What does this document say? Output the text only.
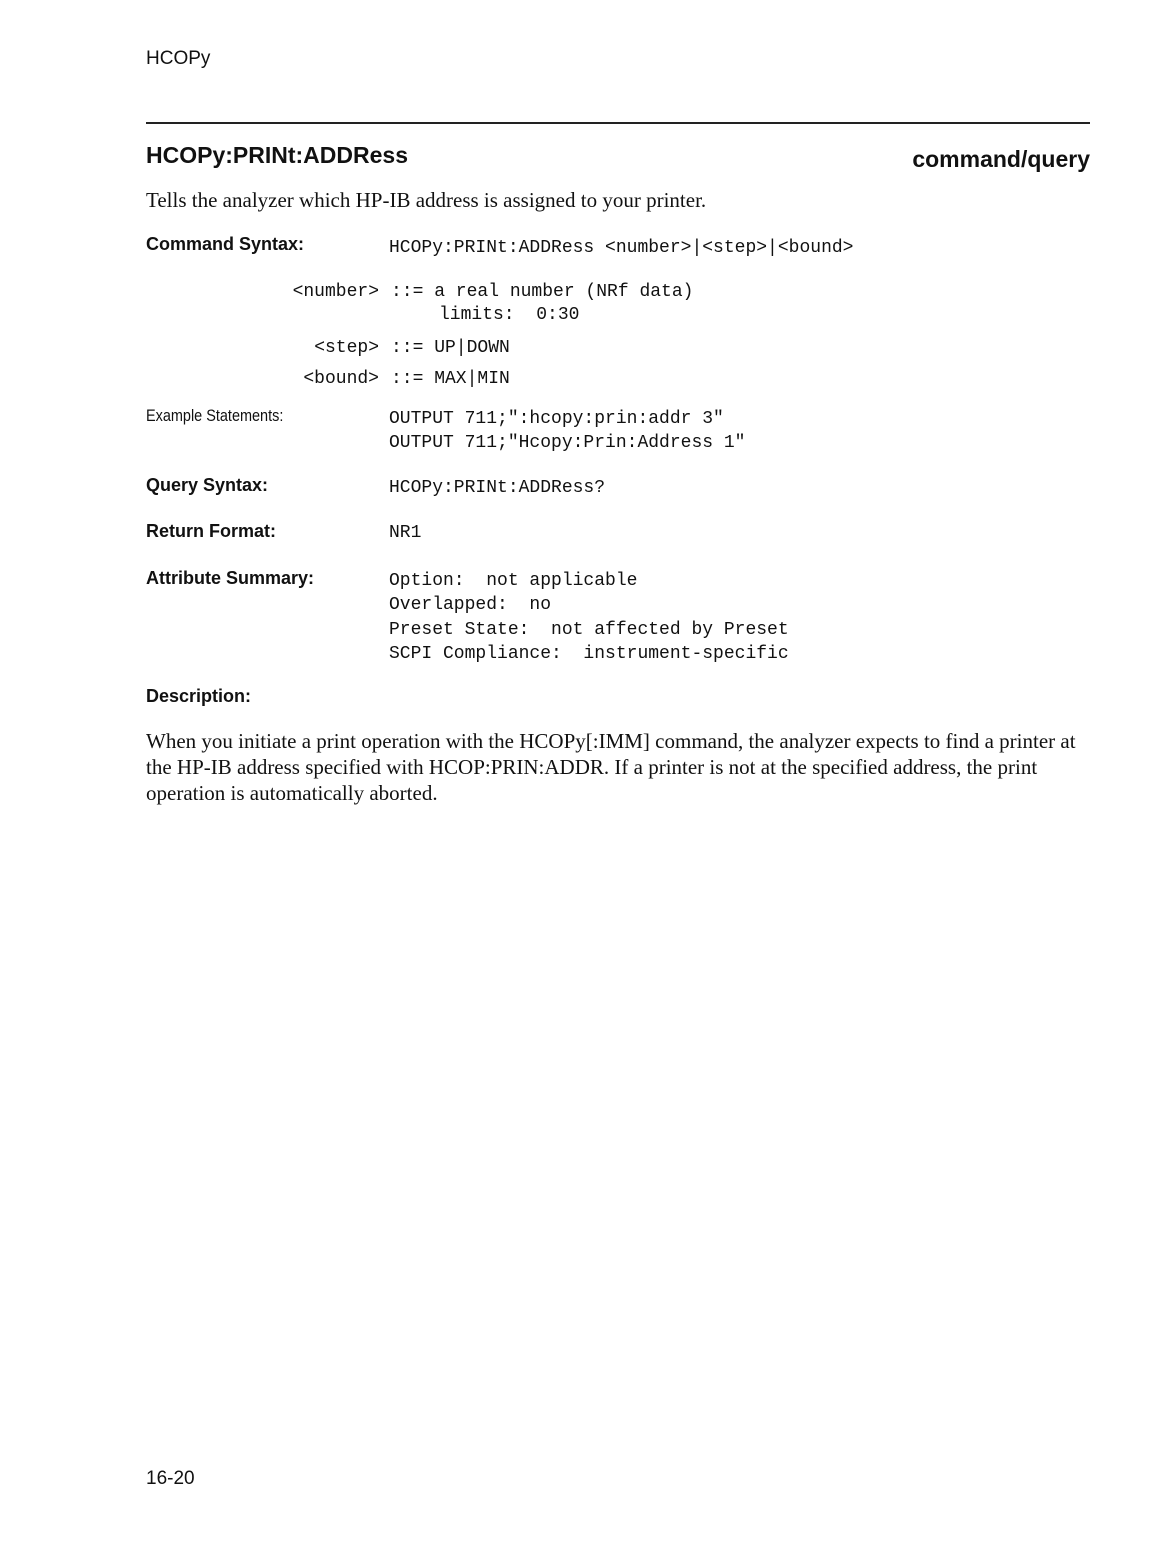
HCOPy
HCOPy:PRINt:ADDRess	command/query
Tells the analyzer which HP-IB address is assigned to your printer.
Command Syntax:	HCOPy:PRINt:ADDRess <number>|<step>|<bound>
<number> ::= a real number (NRf data)
limits:  0:30
<step> ::= UP|DOWN
<bound> ::= MAX|MIN
Example Statements:	OUTPUT 711;":hcopy:prin:addr 3"
OUTPUT 711;"Hcopy:Prin:Address 1"
Query Syntax:	HCOPy:PRINt:ADDRess?
Return Format:	NR1
Attribute Summary:	Option:  not applicable
Overlapped:  no
Preset State:  not affected by Preset
SCPI Compliance:  instrument-specific
Description:
When you initiate a print operation with the HCOPy[:IMM] command, the analyzer expects to find a printer at the HP-IB address specified with HCOP:PRIN:ADDR. If a printer is not at the specified address, the print operation is automatically aborted.
16-20
